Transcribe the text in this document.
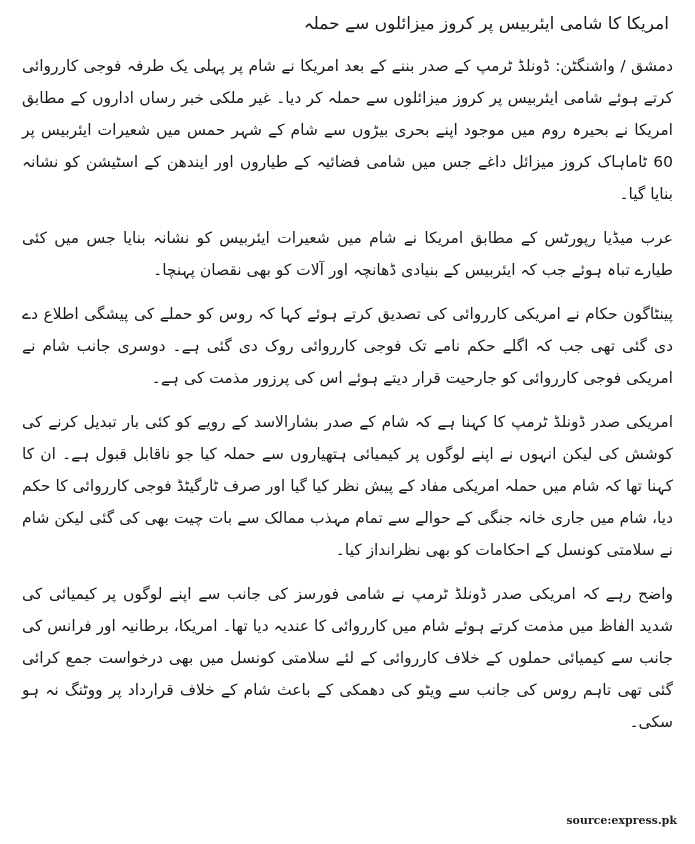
امریکا کا شامی ایئربیس پر کروز میزائلوں سے حملہ

دمشق / واشنگٹن: ڈونلڈ ٹرمپ کے صدر بننے کے بعد امریکا نے شام پر پہلی یک طرفہ فوجی کارروائی کرتے ہوئے شامی ایئربیس پر کروز میزائلوں سے حملہ کر دیا۔ غیر ملکی خبر رساں اداروں کے مطابق امریکا نے بحیرہ روم میں موجود اپنے بحری بیڑوں سے شام کے شہر حمس میں شعیرات ایئربیس پر 60 ٹاماہاک کروز میزائل داغے جس میں شامی فضائیہ کے طیاروں اور ایندھن کے اسٹیشن کو نشانہ بنایا گیا۔

عرب میڈیا رپورٹس کے مطابق امریکا نے شام میں شعیرات ایئربیس کو نشانہ بنایا جس میں کئی طیارے تباہ ہوئے جب کہ ایئربیس کے بنیادی ڈھانچہ اور آلات کو بھی نقصان پہنچا۔

پینٹاگون حکام نے امریکی کارروائی کی تصدیق کرتے ہوئے کہا کہ روس کو حملے کی پیشگی اطلاع دے دی گئی تھی جب کہ اگلے حکم نامے تک فوجی کارروائی روک دی گئی ہے۔ دوسری جانب شام نے امریکی فوجی کارروائی کو جارحیت قرار دیتے ہوئے اس کی پرزور مذمت کی ہے۔

امریکی صدر ڈونلڈ ٹرمپ کا کہنا ہے کہ شام کے صدر بشارالاسد کے رویے کو کئی بار تبدیل کرنے کی کوشش کی لیکن انہوں نے اپنے لوگوں پر کیمیائی ہتھیاروں سے حملہ کیا جو ناقابل قبول ہے۔ ان کا کہنا تھا کہ شام میں حملہ امریکی مفاد کے پیش نظر کیا گیا اور صرف ٹارگیٹڈ فوجی کارروائی کا حکم دیا، شام میں جاری خانہ جنگی کے حوالے سے تمام مہذب ممالک سے بات چیت بھی کی گئی لیکن شام نے سلامتی کونسل کے احکامات کو بھی نظرانداز کیا۔

واضح رہے کہ امریکی صدر ڈونلڈ ٹرمپ نے شامی فورسز کی جانب سے اپنے لوگوں پر کیمیائی کی شدید الفاظ میں مذمت کرتے ہوئے شام میں کارروائی کا عندیہ دیا تھا۔ امریکا، برطانیہ اور فرانس کی جانب سے کیمیائی حملوں کے خلاف کارروائی کے لئے سلامتی کونسل میں بھی درخواست جمع کرائی گئی تھی تاہم روس کی جانب سے ویٹو کی دھمکی کے باعث شام کے خلاف قرارداد پر ووٹنگ نہ ہو سکی۔

source:express.pk
